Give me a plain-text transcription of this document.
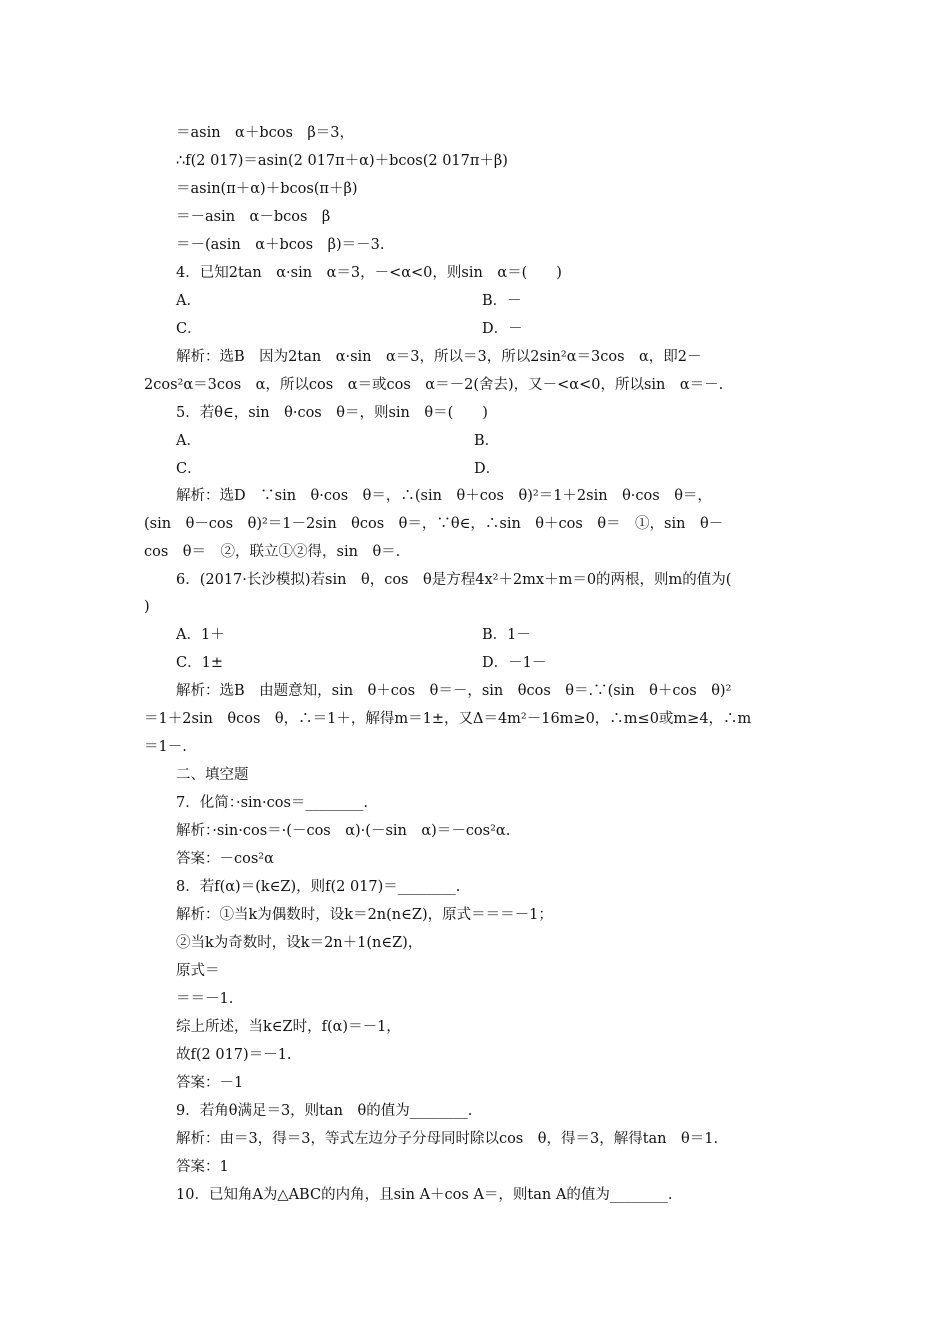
＝asin　α＋bcos　β＝3，
∴f(2 017)＝asin(2 017π＋α)＋bcos(2 017π＋β)
＝asin(π＋α)＋bcos(π＋β)
＝－asin　α－bcos　β
＝－(asin　α＋bcos　β)＝－3.
4．已知2tan　α·sin　α＝3，－<α<0，则sin　α＝(　　)
A．	B．－
C．	D．－
解析：选B　因为2tan　α·sin　α＝3，所以＝3，所以2sin²α＝3cos　α，即2－
2cos²α＝3cos　α，所以cos　α＝或cos　α＝－2(舍去)，又－<α<0，所以sin　α＝－.
5．若θ∈，sin　θ·cos　θ＝，则sin　θ＝(　　)
A．	B．
C．	D．
解析：选D　∵sin　θ·cos　θ＝，∴(sin　θ＋cos　θ)²＝1＋2sin　θ·cos　θ＝，
(sin　θ－cos　θ)²＝1－2sin　θcos　θ＝，∵θ∈，∴sin　θ＋cos　θ＝　①，sin　θ－
cos　θ＝　②，联立①②得，sin　θ＝.
6．(2017·长沙模拟)若sin　θ，cos　θ是方程4x²＋2mx＋m＝0的两根，则m的值为(
)
A．1＋	B．1－
C．1±	D．－1－
解析：选B　由题意知，sin　θ＋cos　θ＝－，sin　θcos　θ＝.∵(sin　θ＋cos　θ)²
＝1＋2sin　θcos　θ，∴＝1＋，解得m＝1±，又Δ＝4m²－16m≥0，∴m≤0或m≥4，∴m
＝1－.
二、填空题
7．化简：·sin·cos＝________.
解析：·sin·cos＝·(－cos　α)·(－sin　α)＝－cos²α.
答案：－cos²α
8．若f(α)＝(k∈Z)，则f(2 017)＝________.
解析：①当k为偶数时，设k＝2n(n∈Z)，原式＝＝＝－1；
②当k为奇数时，设k＝2n＋1(n∈Z)，
原式＝
＝＝－1.
综上所述，当k∈Z时，f(α)＝－1，
故f(2 017)＝－1.
答案：－1
9．若角θ满足＝3，则tan　θ的值为________.
解析：由＝3，得＝3，等式左边分子分母同时除以cos　θ，得＝3，解得tan　θ＝1.
答案：1
10．已知角A为△ABC的内角，且sin A＋cos A＝，则tan A的值为________.
